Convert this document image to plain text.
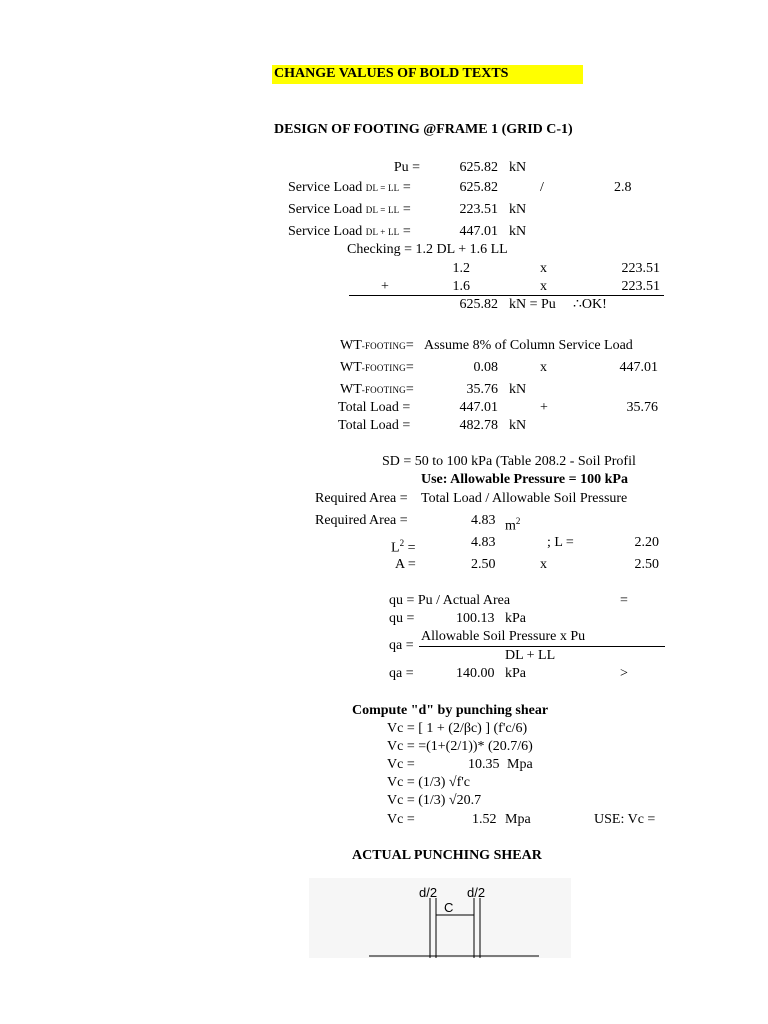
CHANGE VALUES OF BOLD TEXTS
DESIGN OF FOOTING @FRAME 1 (GRID C-1)
Pu =	625.82 kN
Service Load DL = LL =	625.82	/	2.8
Service Load DL = LL =	223.51 kN
Service Load DL + LL =	447.01 kN
Checking = 1.2 DL + 1.6 LL
1.2	x	223.51
+	1.6	x	223.51
625.82 kN = Pu ∴OK!
WT-FOOTING= Assume 8% of Column Service Load
WT-FOOTING=	0.08	x	447.01
WT-FOOTING=	35.76 kN
Total Load =	447.01	+	35.76
Total Load =	482.78 kN
SD = 50 to 100 kPa (Table 208.2 - Soil Profil
Use: Allowable Pressure = 100 kPa
Required Area = Total Load / Allowable Soil Pressure
Required Area =	4.83 $m^2$
$L^2$ =	4.83	; L =	2.20
A =	2.50	x	2.50
qu = Pu / Actual Area	=
qu =	100.13 kPa
qa =
Allowable Soil Pressure x Pu
DL + LL
qa =	140.00 kPa	>
Compute "d" by punching shear
Vc = [ 1 + (2/βc) ] (f'c/6)
Vc = =(1+(2/1))* (20.7/6)
Vc =	10.35 Mpa
Vc = (1/3) √f'c
Vc = (1/3) √20.7
Vc =	1.52 Mpa	USE: Vc =
ACTUAL PUNCHING SHEAR
d/2 d/2
C
